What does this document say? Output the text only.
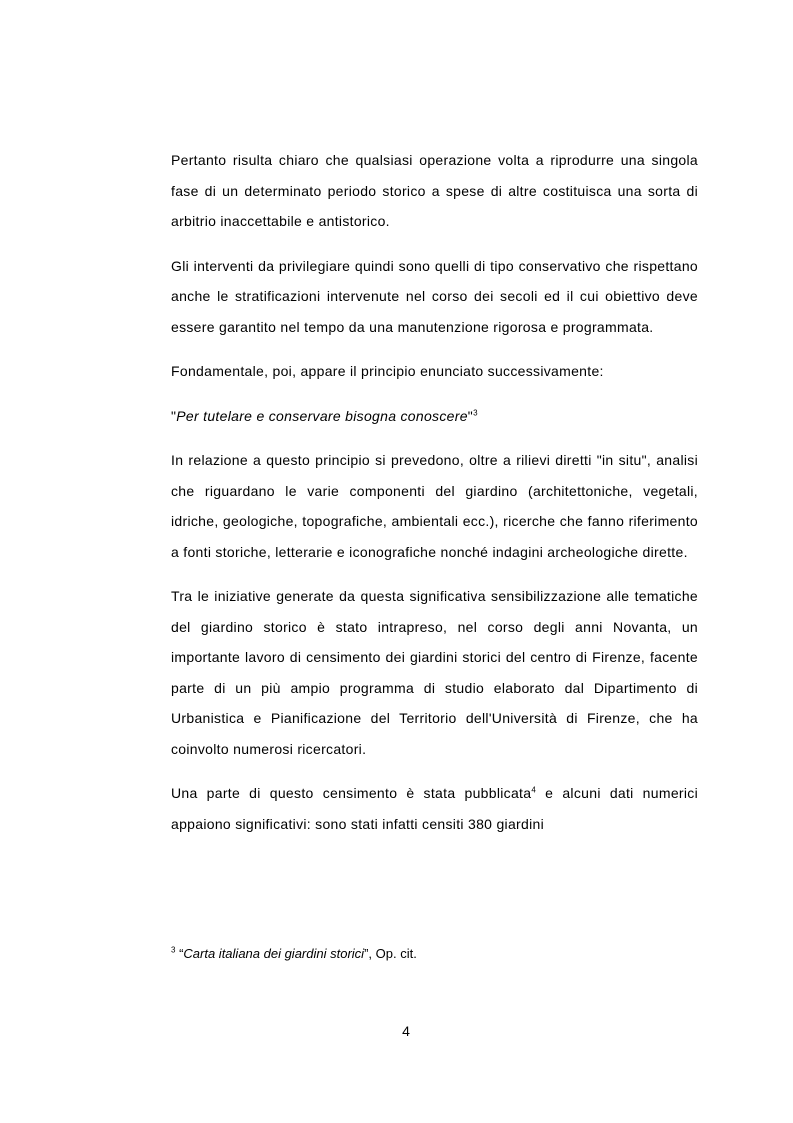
Pertanto risulta chiaro che qualsiasi operazione volta a riprodurre una singola fase di un determinato periodo storico a spese di altre costituisca una sorta di arbitrio inaccettabile e antistorico.

Gli interventi da privilegiare quindi sono quelli di tipo conservativo che rispettano anche le stratificazioni intervenute nel corso dei secoli ed il cui obiettivo deve essere garantito nel tempo da una manutenzione rigorosa e programmata.

Fondamentale, poi, appare il principio enunciato successivamente:

"Per tutelare e conservare bisogna conoscere"$^3$

In relazione a questo principio si prevedono, oltre a rilievi diretti "in situ", analisi che riguardano le varie componenti del giardino (architettoniche, vegetali, idriche, geologiche, topografiche, ambientali ecc.), ricerche che fanno riferimento a fonti storiche, letterarie e iconografiche nonché indagini archeologiche dirette.

Tra le iniziative generate da questa significativa sensibilizzazione alle tematiche del giardino storico è stato intrapreso, nel corso degli anni Novanta, un importante lavoro di censimento dei giardini storici del centro di Firenze, facente parte di un più ampio programma di studio elaborato dal Dipartimento di Urbanistica e Pianificazione del Territorio dell'Università di Firenze, che ha coinvolto numerosi ricercatori.

Una parte di questo censimento è stata pubblicata$^4$ e alcuni dati numerici appaiono significativi: sono stati infatti censiti 380 giardini

$^3$ “Carta italiana dei giardini storici”, Op. cit.
4
